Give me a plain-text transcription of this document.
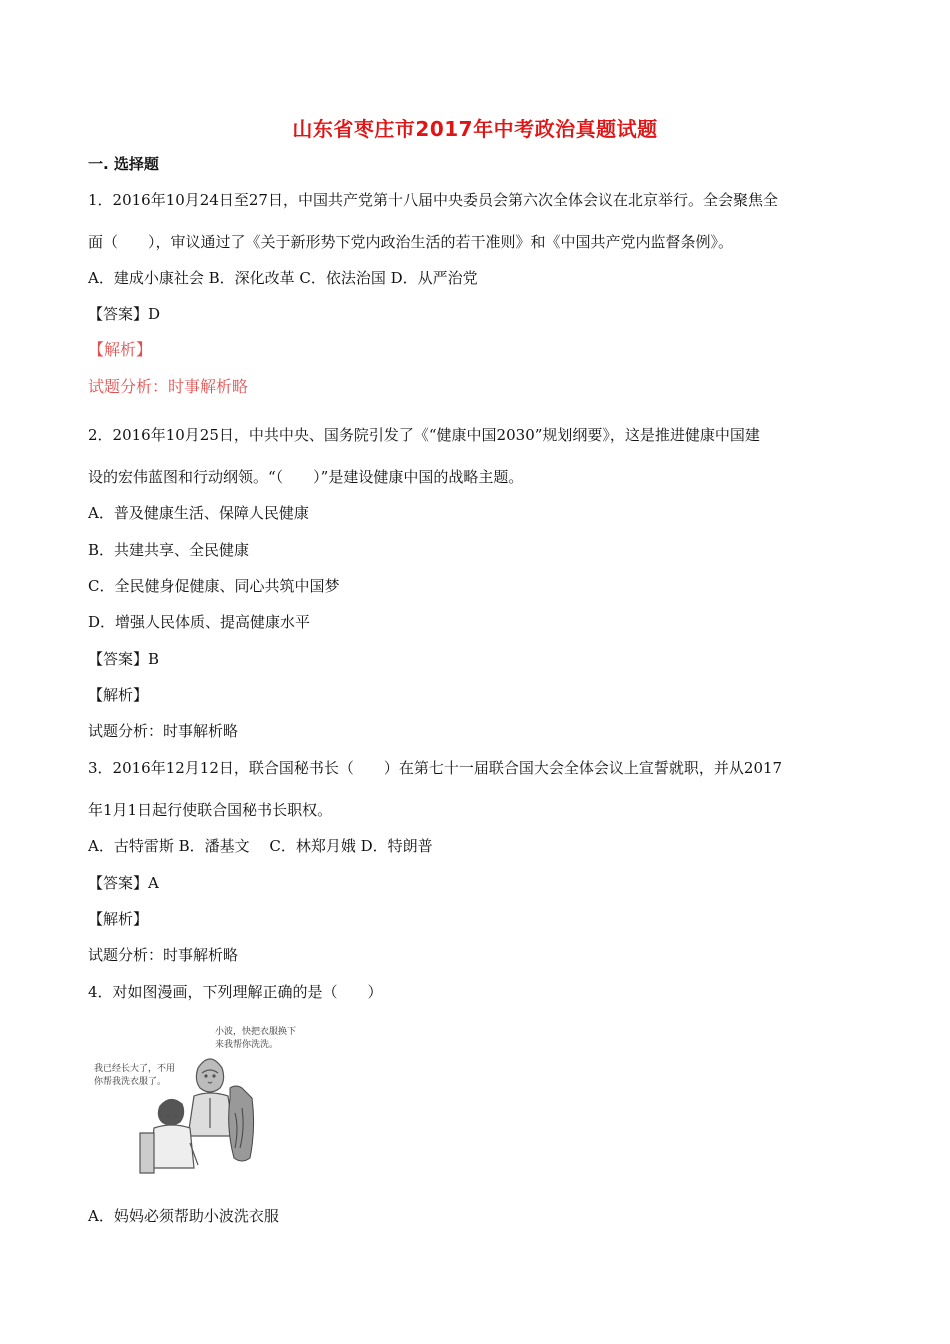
山东省枣庄市2017年中考政治真题试题
一. 选择题
1．2016年10月24日至27日，中国共产党第十八届中央委员会第六次全体会议在北京举行。全会聚焦全
面（　　），审议通过了《关于新形势下党内政治生活的若干准则》和《中国共产党内监督条例》。
A．建成小康社会 B．深化改革 C．依法治国 D．从严治党
【答案】D
【解析】
试题分析：时事解析略
2．2016年10月25日，中共中央、国务院引发了《“健康中国2030”规划纲要》，这是推进健康中国建
设的宏伟蓝图和行动纲领。“（　　）”是建设健康中国的战略主题。
A．普及健康生活、保障人民健康
B．共建共享、全民健康
C．全民健身促健康、同心共筑中国梦
D．增强人民体质、提高健康水平
【答案】B
【解析】
试题分析：时事解析略
3．2016年12月12日，联合国秘书长（　　）在第七十一届联合国大会全体会议上宣誓就职，并从2017
年1月1日起行使联合国秘书长职权。
A．古特雷斯 B．潘基文　 C．林郑月娥 D．特朗普
【答案】A
【解析】
试题分析：时事解析略
4．对如图漫画，下列理解正确的是（　　）
小波，快把衣服换下
来我帮你洗洗。
我已经长大了，不用
你帮我洗衣服了。
A．妈妈必须帮助小波洗衣服
